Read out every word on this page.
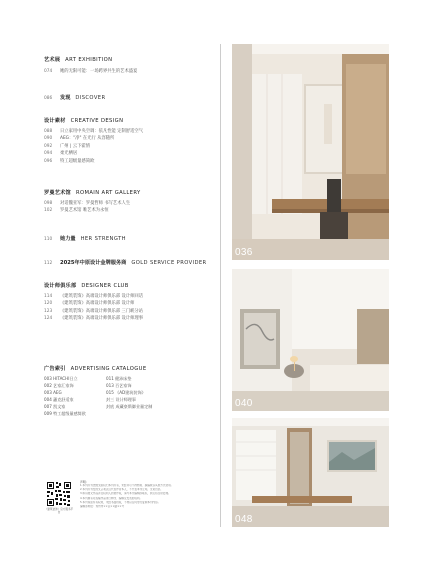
艺术展 ART EXHIBITION
074	她的无限可能：一场跨界共生的艺术盛宴
086	发现 DISCOVER
设计素材 CREATIVE DESIGN
088	日立家用中央空调：依凡性能 定制舒适空气
090	AEG："净" 在光行 从容随所
092	广州 | 云下霍情
094	柔光栖居
096	特工超级量感简欧
罗曼艺术馆 ROMAIN ART GALLERY
098	对话魏亚军：罗曼哲师 书写艺术人生
102	罗曼艺术馆 唯艺术为永恒
110	她力量 HER STRENGTH
112	2025年中原设计金牌服务商 GOLD SERVICE PROVIDER
设计师俱乐部 DESIGNER CLUB
114	《建筑装饰》高端设计师俱乐部 设计师回话
120	《建筑装饰》高端设计师俱乐部 设计师
123	《建筑装饰》高端设计师俱乐部 三门峡分站
124	《建筑装饰》高端设计师俱乐部 设计师理事
广告索引 ADVERTISING CATALOGUE
003 HITACHI日立
002 艺家汇家饰
003 AEG
004 蕙克舒适家
007 凯文家
009 特工超级量感简欧
011 健沛床垫
013 百艺家饰
015 《AD建筑装饰》
封三 设计师理事
封底 成藏豪斯御业量定制
《建筑装饰》官方服务平台
声明：
1.本刊所刊登图文版权归本刊所有，未经许可不得转载、摘编或以其他方式使用。
2.本刊所刊发的文章观点仅代表作者本人，不代表本刊立场，文责自负。
3.如有图文作品涉及权利人的著作权，请与本刊编辑部联系，我们将及时处理。
4.本刊拥有对投稿作品进行修改、编辑及发表的权利。
5.本刊保留所有权利，未经书面授权，不得以任何形式复制本刊内容。
编辑部地址：郑州市××区××路××号
036
040
048
